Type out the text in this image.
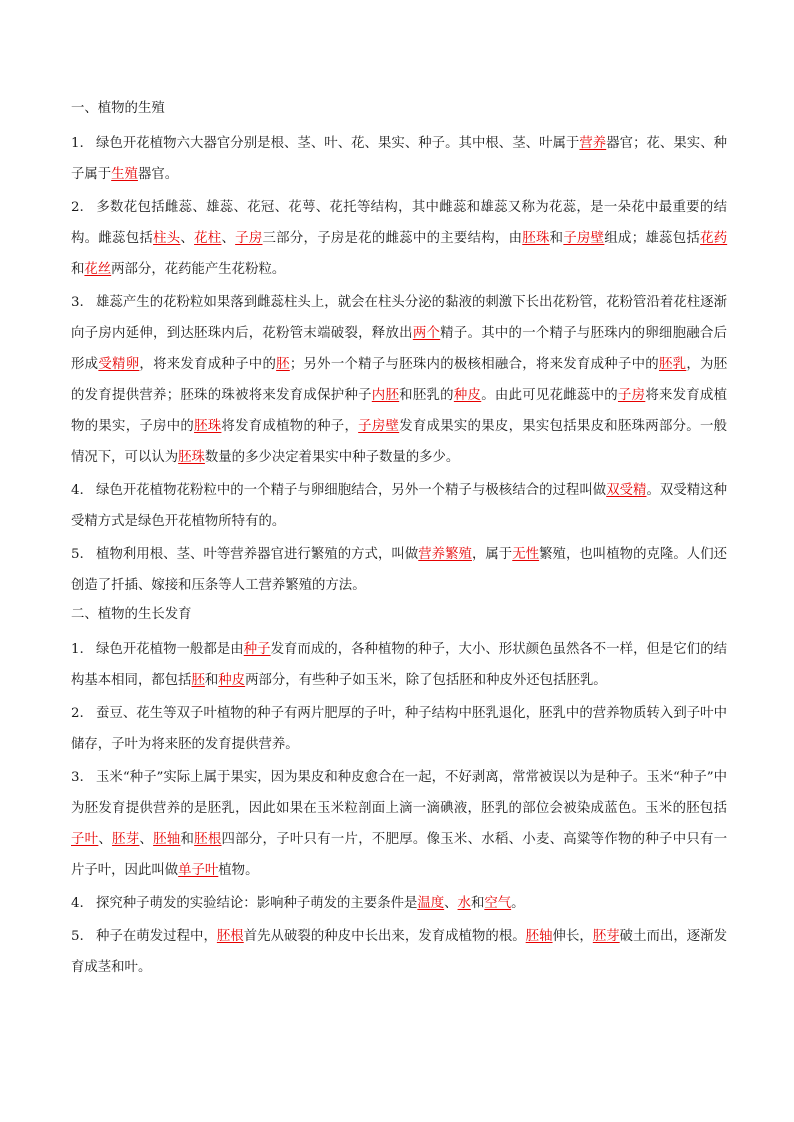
一、植物的生殖
1. 绿色开花植物六大器官分别是根、茎、叶、花、果实、种子。其中根、茎、叶属于营养器官；花、果实、种子属于生殖器官。
2. 多数花包括雌蕊、雄蕊、花冠、花萼、花托等结构，其中雌蕊和雄蕊又称为花蕊，是一朵花中最重要的结构。雌蕊包括柱头、花柱、子房三部分，子房是花的雌蕊中的主要结构，由胚珠和子房壁组成；雄蕊包括花药和花丝两部分，花药能产生花粉粒。
3. 雄蕊产生的花粉粒如果落到雌蕊柱头上，就会在柱头分泌的黏液的刺激下长出花粉管，花粉管沿着花柱逐渐向子房内延伸，到达胚珠内后，花粉管末端破裂，释放出两个精子。其中的一个精子与胚珠内的卵细胞融合后形成受精卵，将来发育成种子中的胚；另外一个精子与胚珠内的极核相融合，将来发育成种子中的胚乳，为胚的发育提供营养；胚珠的珠被将来发育成保护种子内胚和胚乳的种皮。由此可见花雌蕊中的子房将来发育成植物的果实，子房中的胚珠将发育成植物的种子，子房壁发育成果实的果皮，果实包括果皮和胚珠两部分。一般情况下，可以认为胚珠数量的多少决定着果实中种子数量的多少。
4. 绿色开花植物花粉粒中的一个精子与卵细胞结合，另外一个精子与极核结合的过程叫做双受精。双受精这种受精方式是绿色开花植物所特有的。
5. 植物利用根、茎、叶等营养器官进行繁殖的方式，叫做营养繁殖，属于无性繁殖，也叫植物的克隆。人们还创造了扦插、嫁接和压条等人工营养繁殖的方法。
二、植物的生长发育
1. 绿色开花植物一般都是由种子发育而成的，各种植物的种子，大小、形状颜色虽然各不一样，但是它们的结构基本相同，都包括胚和种皮两部分，有些种子如玉米，除了包括胚和种皮外还包括胚乳。
2. 蚕豆、花生等双子叶植物的种子有两片肥厚的子叶，种子结构中胚乳退化，胚乳中的营养物质转入到子叶中储存，子叶为将来胚的发育提供营养。
3. 玉米“种子”实际上属于果实，因为果皮和种皮愈合在一起，不好剥离，常常被误以为是种子。玉米“种子”中为胚发育提供营养的是胚乳，因此如果在玉米粒剖面上滴一滴碘液，胚乳的部位会被染成蓝色。玉米的胚包括子叶、胚芽、胚轴和胚根四部分，子叶只有一片，不肥厚。像玉米、水稻、小麦、高粱等作物的种子中只有一片子叶，因此叫做单子叶植物。
4. 探究种子萌发的实验结论：影响种子萌发的主要条件是温度、水和空气。
5. 种子在萌发过程中，胚根首先从破裂的种皮中长出来，发育成植物的根。胚轴伸长，胚芽破土而出，逐渐发育成茎和叶。
